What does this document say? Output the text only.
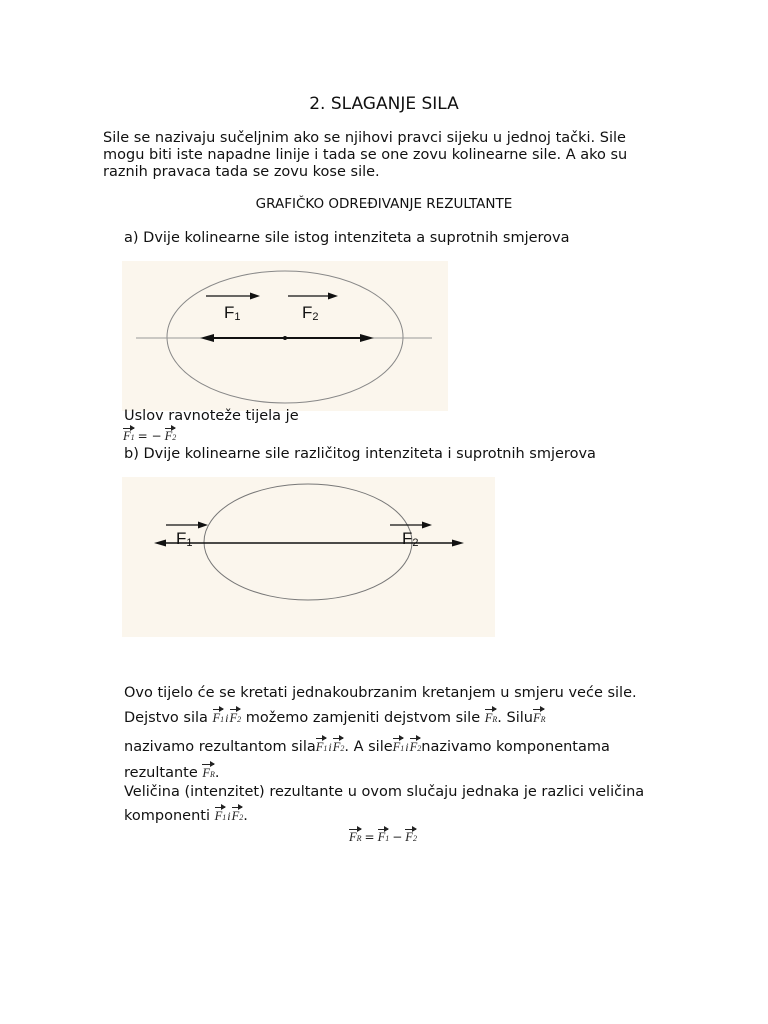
2. SLAGANJE SILA
Sile se nazivaju sučeljnim ako se njihovi pravci sijeku u jednoj tački. Sile
mogu biti iste napadne linije i tada se one zovu kolinearne sile. A ako su
raznih pravaca tada se zovu kose sile.
GRAFIČKO ODREĐIVANJE REZULTANTE
a) Dvije kolinearne sile istog intenziteta a suprotnih smjerova
F1	F2
Uslov ravnoteže tijela je
F1 = − F2
b) Dvije kolinearne sile različitog intenziteta i suprotnih smjerova
F1	F2
Ovo tijelo će se kretati jednakoubrzanim kretanjem u smjeru veće sile.
Dejstvo sila F1iF2 možemo zamjeniti dejstvom sile FR. SiluFR
nazivamo rezultantom silaF1iF2. A sileF1iF2nazivamo komponentama
rezultante FR.
Veličina (intenzitet) rezultante u ovom slučaju jednaka je razlici veličina
komponenti F1iF2.
FR = F1 − F2
